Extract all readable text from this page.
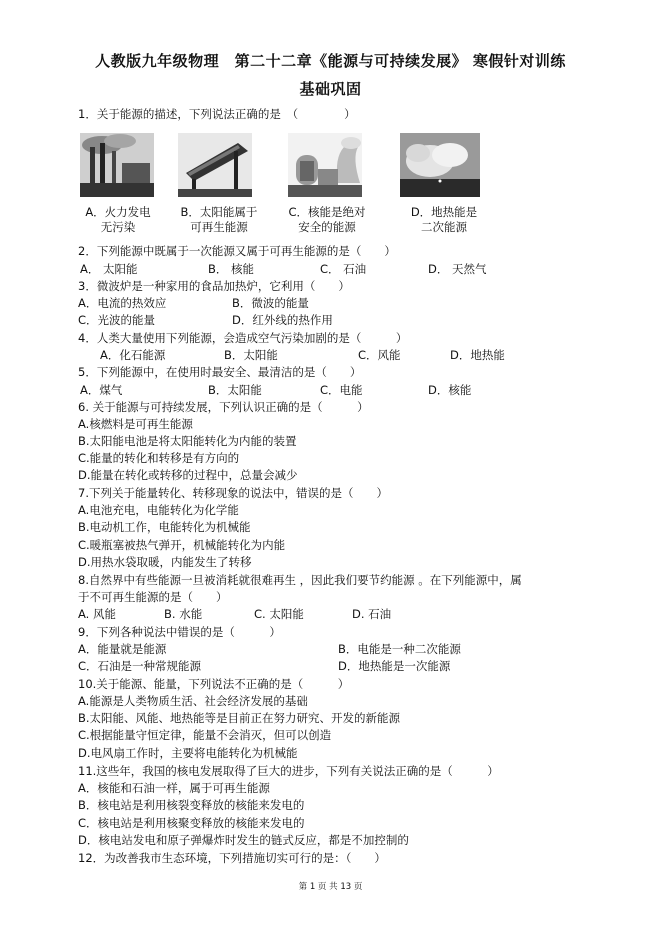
人教版九年级物理　第二十二章《能源与可持续发展》 寒假针对训练
基础巩固
1．关于能源的描述，下列说法正确的是　（　　　　）
A．火力发电
无污染
B．太阳能属于
可再生能源
C．核能是绝对
安全的能源
D．地热能是
二次能源
2．下列能源中既属于一次能源又属于可再生能源的是（　　）
A． 太阳能	B． 核能	C． 石油	D． 天然气
3．微波炉是一种家用的食品加热炉，它利用（　　）
A．电流的热效应	B．微波的能量
C．光波的能量	D．红外线的热作用
4．人类大量使用下列能源，会造成空气污染加剧的是（　　　）
A．化石能源	B．太阳能	C．风能	D．地热能
5．下列能源中，在使用时最安全、最清洁的是（　　）
A．煤气	B．太阳能	C．电能	D．核能
6. 关于能源与可持续发展，下列认识正确的是（　　　）
A.核燃料是可再生能源
B.太阳能电池是将太阳能转化为内能的装置
C.能量的转化和转移是有方向的
D.能量在转化或转移的过程中，总量会减少
7.下列关于能量转化、转移现象的说法中，错误的是（　　）
A.电池充电，电能转化为化学能
B.电动机工作，电能转化为机械能
C.暖瓶塞被热气弹开，机械能转化为内能
D.用热水袋取暖，内能发生了转移
8.自然界中有些能源一旦被消耗就很难再生 ，因此我们要节约能源 。在下列能源中，属
于不可再生能源的是（　　）
A. 风能	B. 水能	C. 太阳能	D. 石油
9．下列各种说法中错误的是（　　　）
A．能量就是能源	B．电能是一种二次能源
C．石油是一种常规能源	D．地热能是一次能源
10.关于能源、能量，下列说法不正确的是（　　　）
A.能源是人类物质生活、社会经济发展的基础
B.太阳能、风能、地热能等是目前正在努力研究、开发的新能源
C.根据能量守恒定律，能量不会消灭，但可以创造
D.电风扇工作时，主要将电能转化为机械能
11.这些年，我国的核电发展取得了巨大的进步，下列有关说法正确的是（　　　）
A．核能和石油一样，属于可再生能源
B．核电站是利用核裂变释放的核能来发电的
C．核电站是利用核聚变释放的核能来发电的
D．核电站发电和原子弹爆炸时发生的链式反应，都是不加控制的
12．为改善我市生态环境，下列措施切实可行的是：（　　）
第 1 页 共 13 页
